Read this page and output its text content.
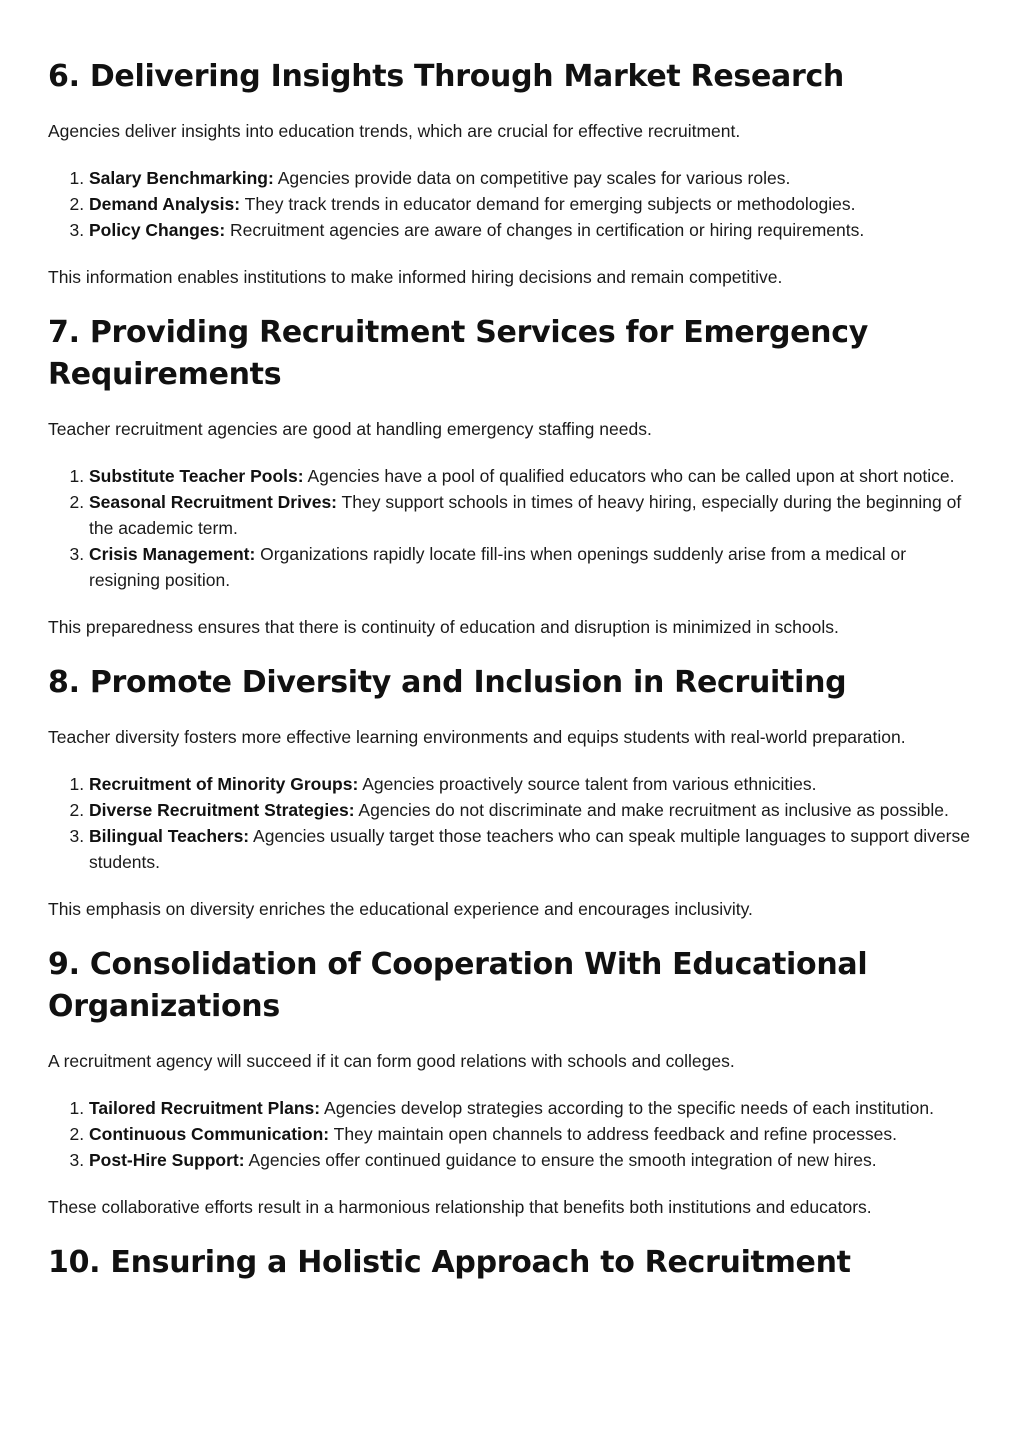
6. Delivering Insights Through Market Research

Agencies deliver insights into education trends, which are crucial for effective recruitment.

1. Salary Benchmarking: Agencies provide data on competitive pay scales for various roles.
2. Demand Analysis: They track trends in educator demand for emerging subjects or methodologies.
3. Policy Changes: Recruitment agencies are aware of changes in certification or hiring requirements.

This information enables institutions to make informed hiring decisions and remain competitive.

7. Providing Recruitment Services for Emergency Requirements

Teacher recruitment agencies are good at handling emergency staffing needs.

1. Substitute Teacher Pools: Agencies have a pool of qualified educators who can be called upon at short notice.
2. Seasonal Recruitment Drives: They support schools in times of heavy hiring, especially during the beginning of the academic term.
3. Crisis Management: Organizations rapidly locate fill-ins when openings suddenly arise from a medical or resigning position.

This preparedness ensures that there is continuity of education and disruption is minimized in schools.

8. Promote Diversity and Inclusion in Recruiting

Teacher diversity fosters more effective learning environments and equips students with real-world preparation.

1. Recruitment of Minority Groups: Agencies proactively source talent from various ethnicities.
2. Diverse Recruitment Strategies: Agencies do not discriminate and make recruitment as inclusive as possible.
3. Bilingual Teachers: Agencies usually target those teachers who can speak multiple languages to support diverse students.

This emphasis on diversity enriches the educational experience and encourages inclusivity.

9. Consolidation of Cooperation With Educational Organizations

A recruitment agency will succeed if it can form good relations with schools and colleges.

1. Tailored Recruitment Plans: Agencies develop strategies according to the specific needs of each institution.
2. Continuous Communication: They maintain open channels to address feedback and refine processes.
3. Post-Hire Support: Agencies offer continued guidance to ensure the smooth integration of new hires.

These collaborative efforts result in a harmonious relationship that benefits both institutions and educators.

10. Ensuring a Holistic Approach to Recruitment
